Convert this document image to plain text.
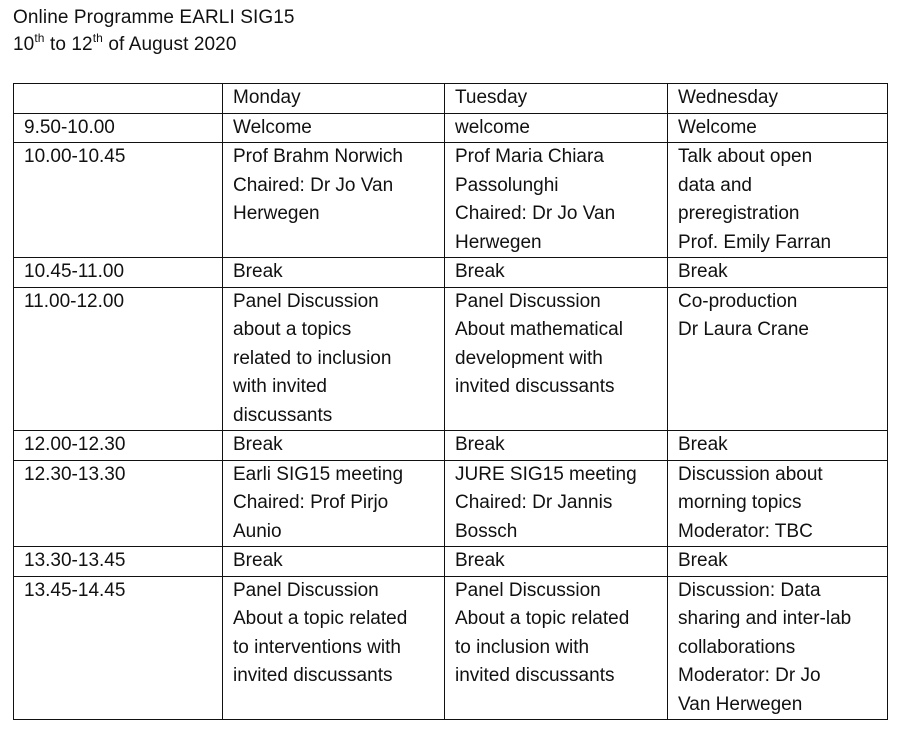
Online Programme EARLI SIG15
10th to 12th of August 2020
	Monday	Tuesday	Wednesday
9.50-10.00	Welcome	welcome	Welcome
10.00-10.45	Prof Brahm Norwich
Chaired: Dr Jo Van
Herwegen	Prof Maria Chiara
Passolunghi
Chaired: Dr Jo Van
Herwegen	Talk about open
data and
preregistration
Prof. Emily Farran
10.45-11.00	Break	Break	Break
11.00-12.00	Panel Discussion
about a topics
related to inclusion
with invited
discussants	Panel Discussion
About mathematical
development with
invited discussants	Co-production
Dr Laura Crane
12.00-12.30	Break	Break	Break
12.30-13.30	Earli SIG15 meeting
Chaired: Prof Pirjo
Aunio	JURE SIG15 meeting
Chaired: Dr Jannis
Bossch	Discussion about
morning topics
Moderator: TBC
13.30-13.45	Break	Break	Break
13.45-14.45	Panel Discussion
About a topic related
to interventions with
invited discussants	Panel Discussion
About a topic related
to inclusion with
invited discussants	Discussion: Data
sharing and inter-lab
collaborations
Moderator: Dr Jo
Van Herwegen
